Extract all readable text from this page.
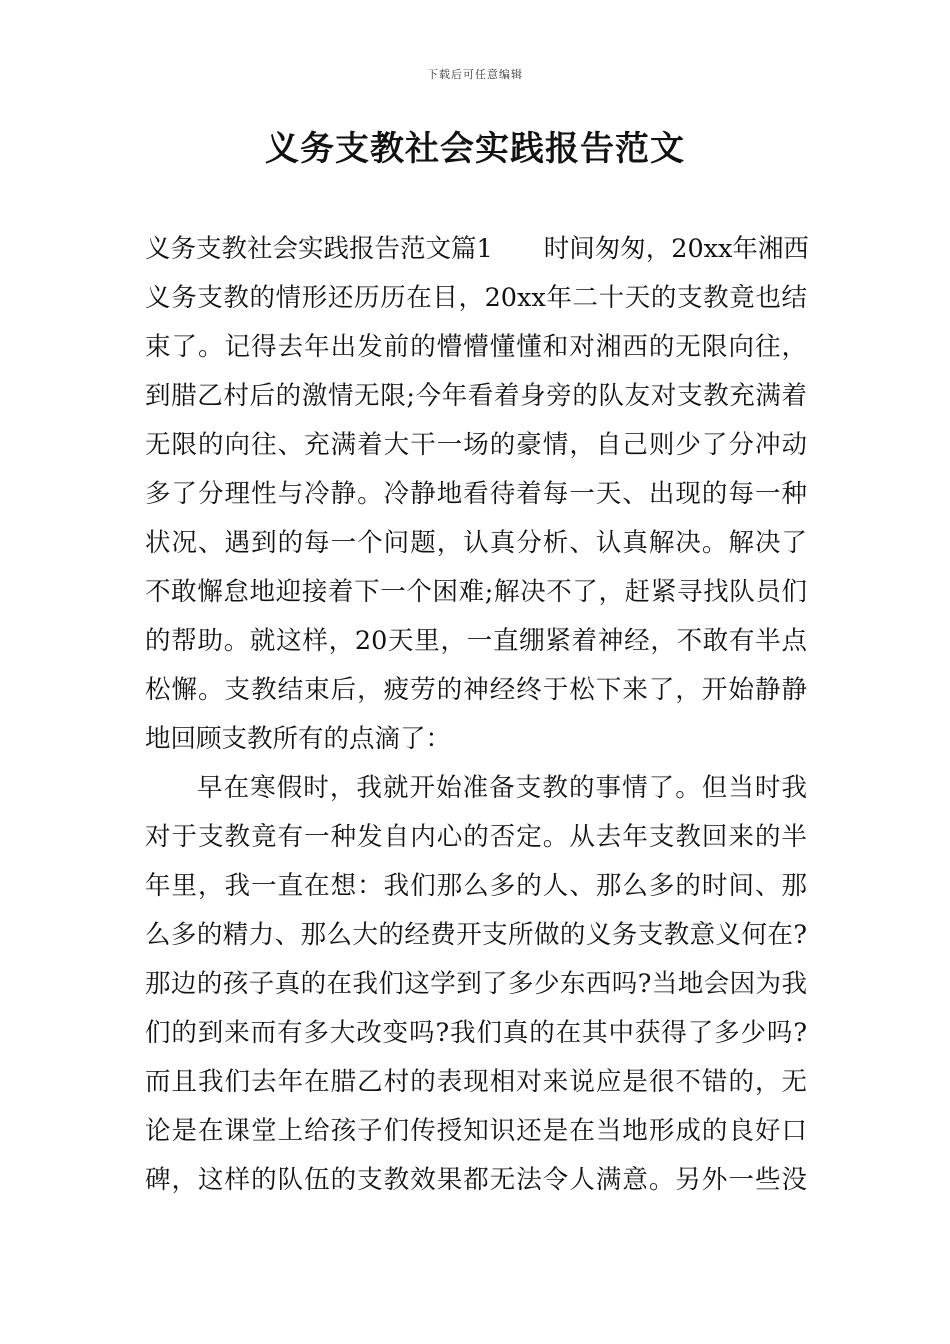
下载后可任意编辑
义务支教社会实践报告范文
义务支教社会实践报告范文篇1　　时间匆匆，20xx年湘西
义务支教的情形还历历在目，20xx年二十天的支教竟也结
束了。记得去年出发前的懵懵懂懂和对湘西的无限向往，
到腊乙村后的激情无限;今年看着身旁的队友对支教充满着
无限的向往、充满着大干一场的豪情，自己则少了分冲动
多了分理性与冷静。冷静地看待着每一天、出现的每一种
状况、遇到的每一个问题，认真分析、认真解决。解决了
不敢懈怠地迎接着下一个困难;解决不了，赶紧寻找队员们
的帮助。就这样，20天里，一直绷紧着神经，不敢有半点
松懈。支教结束后，疲劳的神经终于松下来了，开始静静
地回顾支教所有的点滴了：
早在寒假时，我就开始准备支教的事情了。但当时我
对于支教竟有一种发自内心的否定。从去年支教回来的半
年里，我一直在想：我们那么多的人、那么多的时间、那
么多的精力、那么大的经费开支所做的义务支教意义何在?
那边的孩子真的在我们这学到了多少东西吗?当地会因为我
们的到来而有多大改变吗?我们真的在其中获得了多少吗?
而且我们去年在腊乙村的表现相对来说应是很不错的，无
论是在课堂上给孩子们传授知识还是在当地形成的良好口
碑，这样的队伍的支教效果都无法令人满意。另外一些没
